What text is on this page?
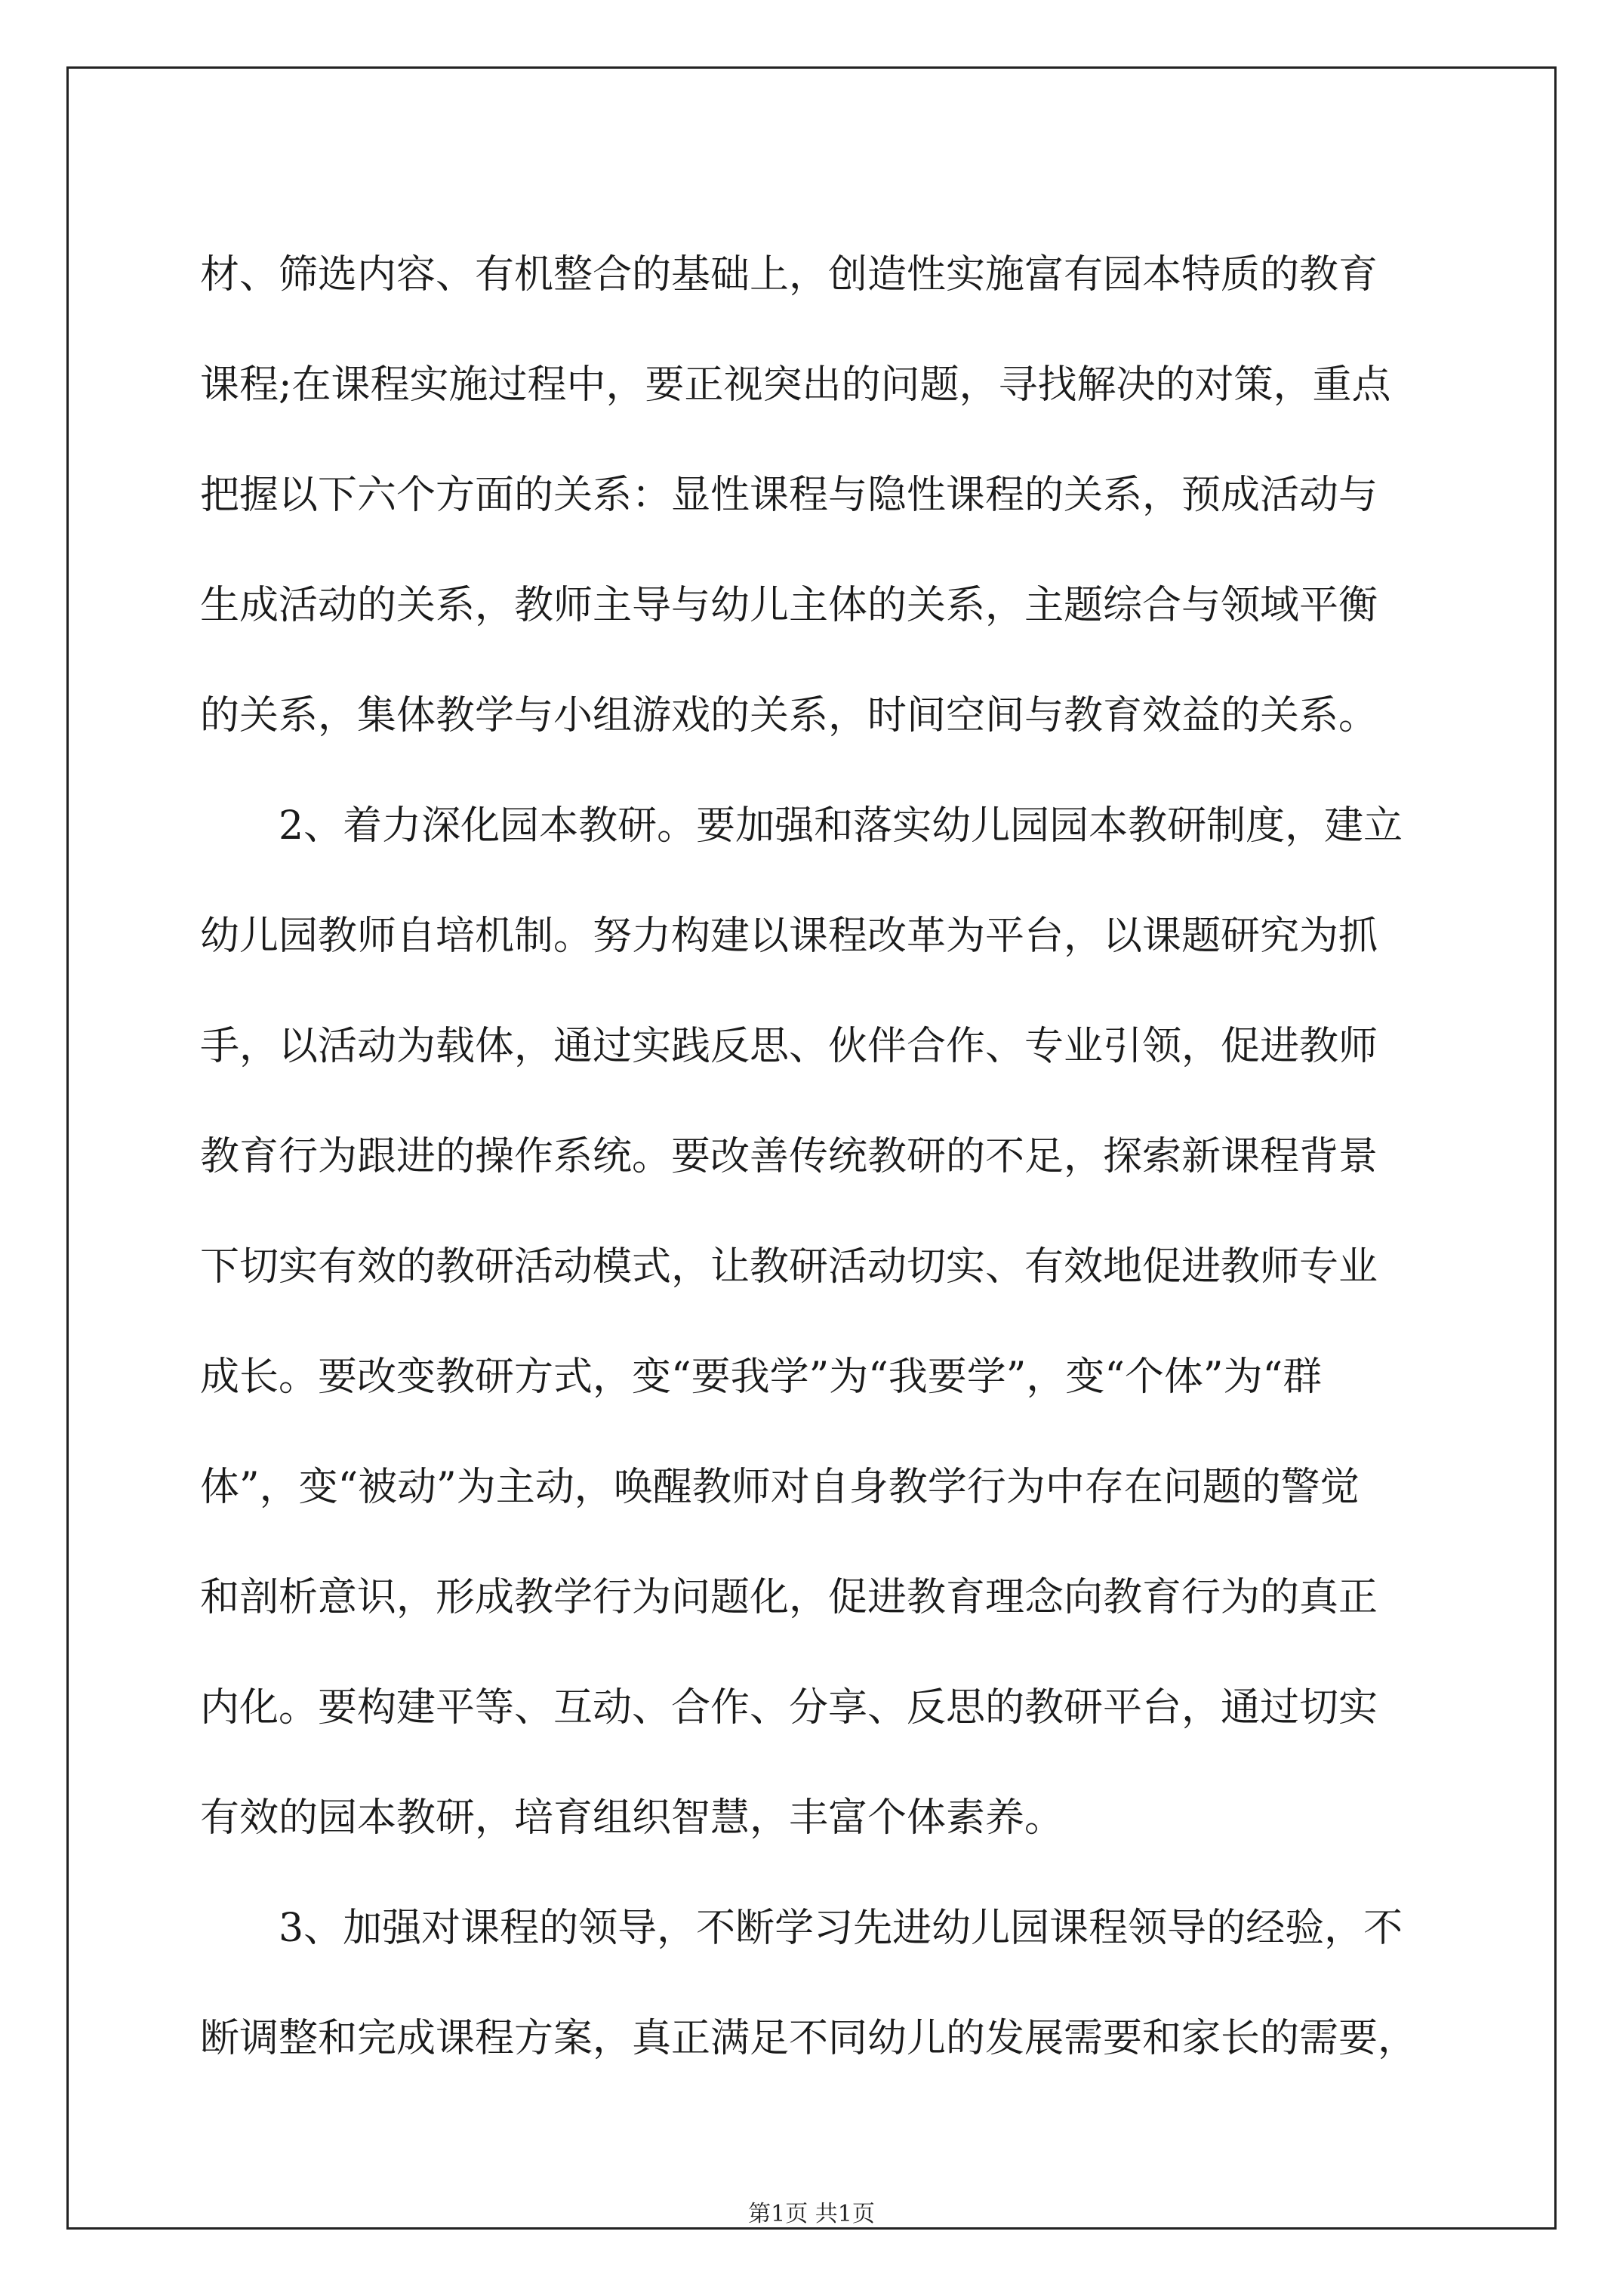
材、筛选内容、有机整合的基础上，创造性实施富有园本特质的教育
课程;在课程实施过程中，要正视突出的问题，寻找解决的对策，重点
把握以下六个方面的关系：显性课程与隐性课程的关系，预成活动与
生成活动的关系，教师主导与幼儿主体的关系，主题综合与领域平衡
的关系，集体教学与小组游戏的关系，时间空间与教育效益的关系。
2、着力深化园本教研。要加强和落实幼儿园园本教研制度，建立
幼儿园教师自培机制。努力构建以课程改革为平台，以课题研究为抓
手，以活动为载体，通过实践反思、伙伴合作、专业引领，促进教师
教育行为跟进的操作系统。要改善传统教研的不足，探索新课程背景
下切实有效的教研活动模式，让教研活动切实、有效地促进教师专业
成长。要改变教研方式，变“要我学”为“我要学”，变“个体”为“群
体”，变“被动”为主动，唤醒教师对自身教学行为中存在问题的警觉
和剖析意识，形成教学行为问题化，促进教育理念向教育行为的真正
内化。要构建平等、互动、合作、分享、反思的教研平台，通过切实
有效的园本教研，培育组织智慧，丰富个体素养。
3、加强对课程的领导，不断学习先进幼儿园课程领导的经验，不
断调整和完成课程方案，真正满足不同幼儿的发展需要和家长的需要，
第1页 共1页
